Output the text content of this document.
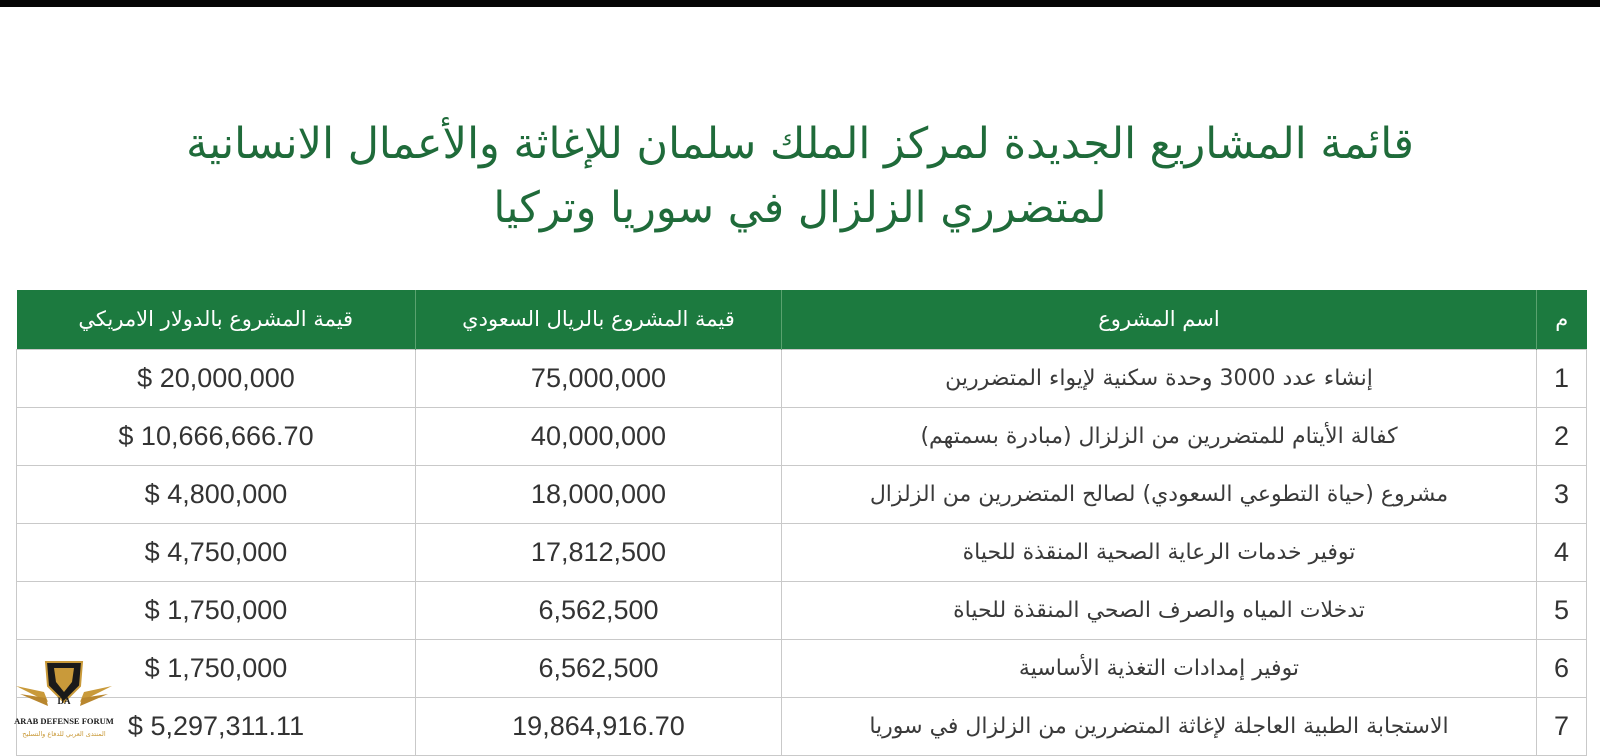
قائمة المشاريع الجديدة لمركز الملك سلمان للإغاثة والأعمال الانسانية
لمتضرري الزلزال في سوريا وتركيا
م	اسم المشروع	قيمة المشروع بالريال السعودي	قيمة المشروع بالدولار الامريكي
1	إنشاء عدد 3000 وحدة سكنية لإيواء المتضررين	75,000,000	20,000,000 $
2	كفالة الأيتام للمتضررين من الزلزال (مبادرة بسمتهم)	40,000,000	10,666,666.70 $
3	مشروع (حياة التطوعي السعودي) لصالح المتضررين من الزلزال	18,000,000	4,800,000 $
4	توفير خدمات الرعاية الصحية المنقذة للحياة	17,812,500	4,750,000 $
5	تدخلات المياه والصرف الصحي المنقذة للحياة	6,562,500	1,750,000 $
6	توفير إمدادات التغذية الأساسية	6,562,500	1,750,000 $
7	الاستجابة الطبية العاجلة لإغاثة المتضررين من الزلزال في سوريا	19,864,916.70	5,297,311.11 $
DA
ARAB DEFENSE FORUM
المنتدى العربي للدفاع والتسليح
